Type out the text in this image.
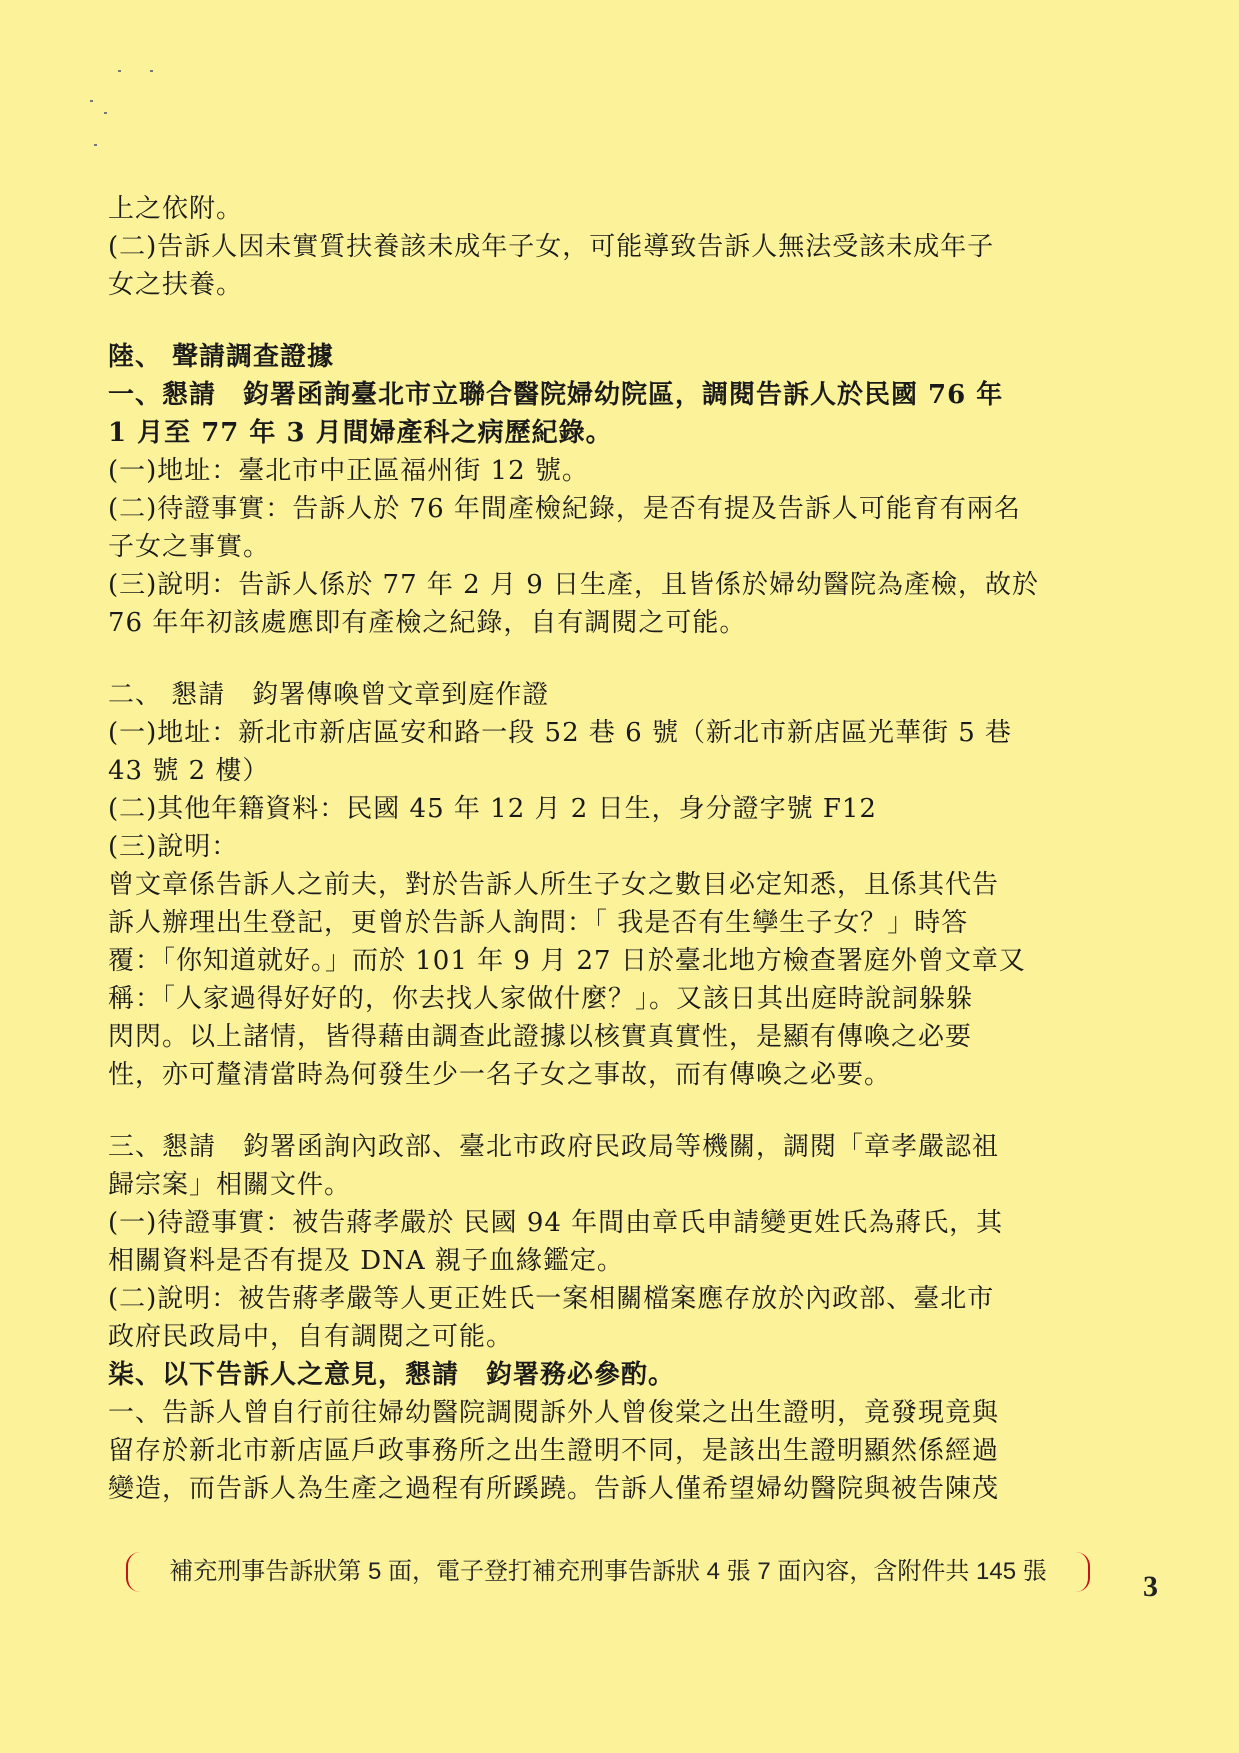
上之依附。
(二)告訴人因未實質扶養該未成年子女，可能導致告訴人無法受該未成年子
女之扶養。
陸、 聲請調查證據
一、懇請　鈞署函詢臺北市立聯合醫院婦幼院區，調閱告訴人於民國 76 年
1 月至 77 年 3 月間婦產科之病歷紀錄。
(一)地址：臺北市中正區福州街 12 號。
(二)待證事實：告訴人於 76 年間產檢紀錄，是否有提及告訴人可能育有兩名
子女之事實。
(三)說明：告訴人係於 77 年 2 月 9 日生產，且皆係於婦幼醫院為產檢，故於
76 年年初該處應即有產檢之紀錄，自有調閱之可能。
二、 懇請　鈞署傳喚曾文章到庭作證
(一)地址：新北市新店區安和路一段 52 巷 6 號（新北市新店區光華街 5 巷
43 號 2 樓）
(二)其他年籍資料：民國 45 年 12 月 2 日生，身分證字號 F12
(三)說明：
曾文章係告訴人之前夫，對於告訴人所生子女之數目必定知悉，且係其代告
訴人辦理出生登記，更曾於告訴人詢問：「 我是否有生孿生子女？」時答
覆：「你知道就好。」而於 101 年 9 月 27 日於臺北地方檢查署庭外曾文章又
稱：「人家過得好好的，你去找人家做什麼？」。又該日其出庭時說詞躲躲
閃閃。以上諸情，皆得藉由調查此證據以核實真實性，是顯有傳喚之必要
性，亦可釐清當時為何發生少一名子女之事故，而有傳喚之必要。
三、懇請　鈞署函詢內政部、臺北市政府民政局等機關，調閱「章孝嚴認祖
歸宗案」相關文件。
(一)待證事實：被告蔣孝嚴於 民國 94 年間由章氏申請變更姓氏為蔣氏，其
相關資料是否有提及 DNA 親子血緣鑑定。
(二)說明：被告蔣孝嚴等人更正姓氏一案相關檔案應存放於內政部、臺北市
政府民政局中，自有調閱之可能。
柒、以下告訴人之意見，懇請　鈞署務必參酌。
一、告訴人曾自行前往婦幼醫院調閱訴外人曾俊棠之出生證明，竟發現竟與
留存於新北市新店區戶政事務所之出生證明不同，是該出生證明顯然係經過
變造，而告訴人為生產之過程有所蹊蹺。告訴人僅希望婦幼醫院與被告陳茂
補充刑事告訴狀第 5 面，電子登打補充刑事告訴狀 4 張 7 面內容，含附件共 145 張	3
